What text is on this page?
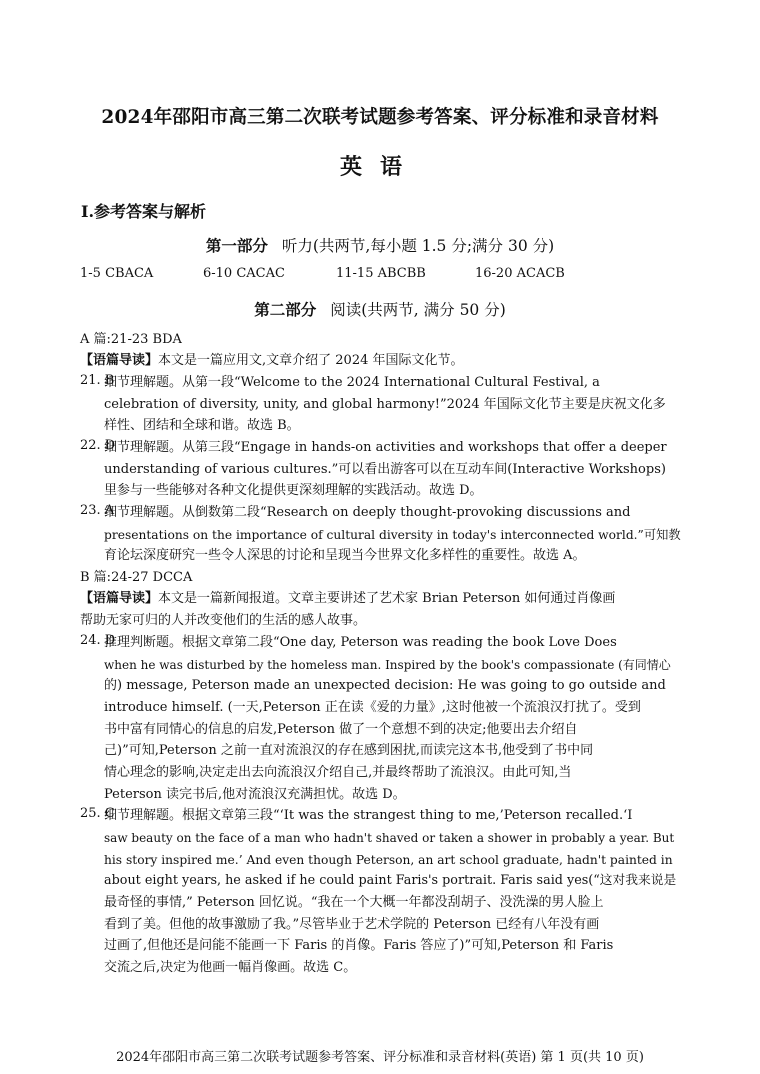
2024年邵阳市高三第二次联考试题参考答案、评分标准和录音材料
英语
Ⅰ.参考答案与解析
第一部分 听力(共两节,每小题 1.5 分;满分 30 分)
1-5 CBACA	6-10 CACAC	11-15 ABCBB	16-20 ACACB
第二部分 阅读(共两节, 满分 50 分)
A 篇:21-23 BDA
【语篇导读】本文是一篇应用文,文章介绍了 2024 年国际文化节。
21. B
细节理解题。从第一段“Welcome to the 2024 International Cultural Festival, a
celebration of diversity, unity, and global harmony!”2024 年国际文化节主要是庆祝文化多
样性、团结和全球和谐。故选 B。
22. D
细节理解题。从第三段“Engage in hands-on activities and workshops that offer a deeper
understanding of various cultures.”可以看出游客可以在互动车间(Interactive Workshops)
里参与一些能够对各种文化提供更深刻理解的实践活动。故选 D。
23. A
细节理解题。从倒数第二段“Research on deeply thought-provoking discussions and
presentations on the importance of cultural diversity in today's interconnected world.”可知教
育论坛深度研究一些令人深思的讨论和呈现当今世界文化多样性的重要性。故选 A。
B 篇:24-27 DCCA
【语篇导读】本文是一篇新闻报道。文章主要讲述了艺术家 Brian Peterson 如何通过肖像画
帮助无家可归的人并改变他们的生活的感人故事。
24. D
推理判断题。根据文章第二段“One day, Peterson was reading the book Love Does
when he was disturbed by the homeless man. Inspired by the book's compassionate (有同情心
的) message, Peterson made an unexpected decision: He was going to go outside and
introduce himself. (一天,Peterson 正在读《爱的力量》,这时他被一个流浪汉打扰了。受到
书中富有同情心的信息的启发,Peterson 做了一个意想不到的决定;他要出去介绍自
己)”可知,Peterson 之前一直对流浪汉的存在感到困扰,而读完这本书,他受到了书中同
情心理念的影响,决定走出去向流浪汉介绍自己,并最终帮助了流浪汉。由此可知,当
Peterson 读完书后,他对流浪汉充满担忧。故选 D。
25. C
细节理解题。根据文章第三段“‘It was the strangest thing to me,’Peterson recalled.‘I
saw beauty on the face of a man who hadn't shaved or taken a shower in probably a year. But
his story inspired me.’ And even though Peterson, an art school graduate, hadn't painted in
about eight years, he asked if he could paint Faris's portrait. Faris said yes(“这对我来说是
最奇怪的事情,” Peterson 回忆说。“我在一个大概一年都没刮胡子、没洗澡的男人脸上
看到了美。但他的故事激励了我。”尽管毕业于艺术学院的 Peterson 已经有八年没有画
过画了,但他还是问能不能画一下 Faris 的肖像。Faris 答应了)”可知,Peterson 和 Faris
交流之后,决定为他画一幅肖像画。故选 C。
2024年邵阳市高三第二次联考试题参考答案、评分标准和录音材料(英语) 第 1 页(共 10 页)
